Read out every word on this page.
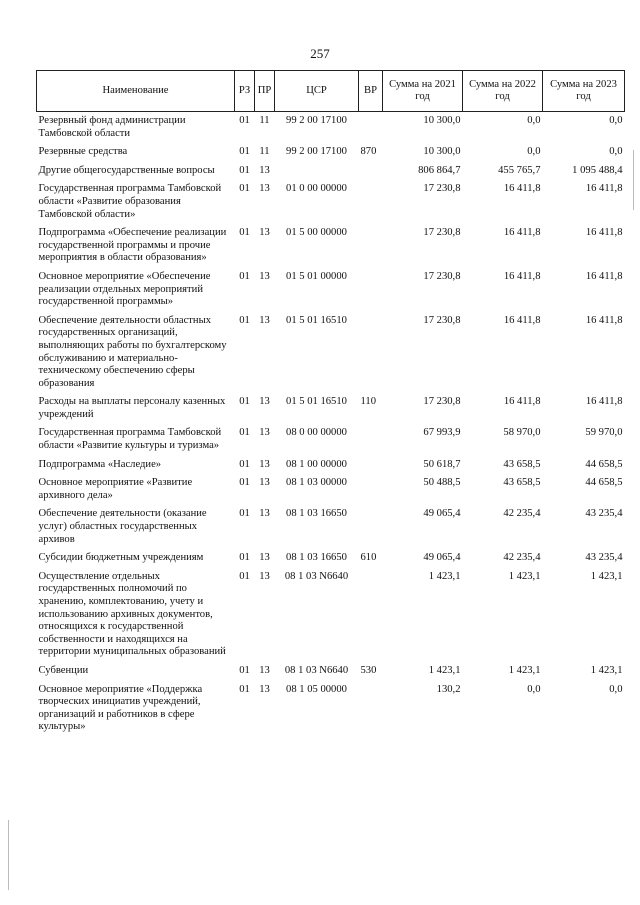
257
Наименование	РЗ	ПР	ЦСР	ВР	Сумма на 2021 год	Сумма на 2022 год	Сумма на 2023 год
Резервный фонд администрации Тамбовской области	01	11	99 2 00 17100		10 300,0	0,0	0,0
Резервные средства	01	11	99 2 00 17100	870	10 300,0	0,0	0,0
Другие общегосударственные вопросы	01	13			806 864,7	455 765,7	1 095 488,4
Государственная программа Тамбовской области «Развитие образования Тамбовской области»	01	13	01 0 00 00000		17 230,8	16 411,8	16 411,8
Подпрограмма «Обеспечение реализации государственной программы и прочие мероприятия в области образования»	01	13	01 5 00 00000		17 230,8	16 411,8	16 411,8
Основное мероприятие «Обеспечение реализации отдельных мероприятий государственной программы»	01	13	01 5 01 00000		17 230,8	16 411,8	16 411,8
Обеспечение деятельности областных государственных организаций, выполняющих работы по бухгалтерскому обслуживанию и материально-техническому обеспечению сферы образования	01	13	01 5 01 16510		17 230,8	16 411,8	16 411,8
Расходы на выплаты персоналу казенных учреждений	01	13	01 5 01 16510	110	17 230,8	16 411,8	16 411,8
Государственная программа Тамбовской области «Развитие культуры и туризма»	01	13	08 0 00 00000		67 993,9	58 970,0	59 970,0
Подпрограмма «Наследие»	01	13	08 1 00 00000		50 618,7	43 658,5	44 658,5
Основное мероприятие «Развитие архивного дела»	01	13	08 1 03 00000		50 488,5	43 658,5	44 658,5
Обеспечение деятельности (оказание услуг) областных государственных архивов	01	13	08 1 03 16650		49 065,4	42 235,4	43 235,4
Субсидии бюджетным учреждениям	01	13	08 1 03 16650	610	49 065,4	42 235,4	43 235,4
Осуществление отдельных государственных полномочий по хранению, комплектованию, учету и использованию архивных документов, относящихся к государственной собственности и находящихся на территории муниципальных образований	01	13	08 1 03 N6640		1 423,1	1 423,1	1 423,1
Субвенции	01	13	08 1 03 N6640	530	1 423,1	1 423,1	1 423,1
Основное мероприятие «Поддержка творческих инициатив учреждений, организаций и работников в сфере культуры»	01	13	08 1 05 00000		130,2	0,0	0,0
